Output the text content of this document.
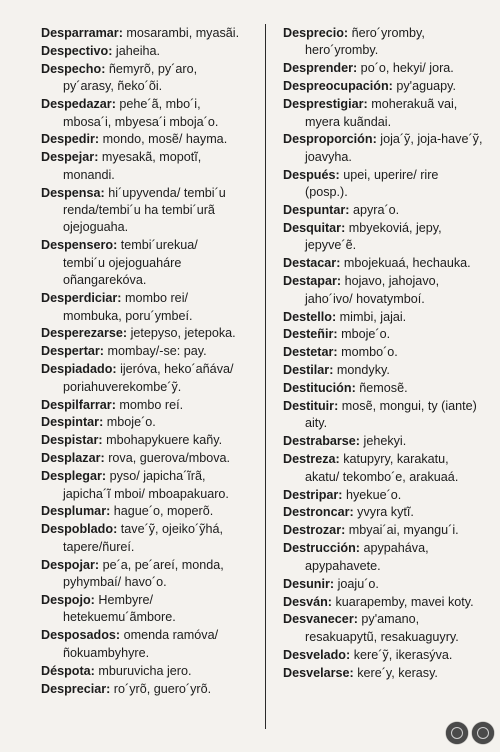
Desparramar: mosarambi, myasãi.
Despectivo: jaheiha.
Despecho: ñemyrõ, py´aro,
py´arasy, ñeko´õi.
Despedazar: pehe´ã, mbo´i,
mbosa´i, mbyesa´i mboja´o.
Despedir: mondo, mosẽ/ hayma.
Despejar: myesakã, mopotĩ,
monandi.
Despensa: hi´upyvenda/ tembi´u
renda/tembi´u ha tembi´urã
ojejoguaha.
Despensero: tembi´urekua/
tembi´u ojejoguaháre
oñangarekóva.
Desperdiciar: mombo rei/
mombuka, poru´ymbeí.
Desperezarse: jetepyso, jetepoka.
Despertar: mombay/-se: pay.
Despiadado: ijeróva, heko´añáva/
poriahuverekombe´ỹ.
Despilfarrar: mombo reí.
Despintar: mboje´o.
Despistar: mbohapykuere kañy.
Desplazar: rova, guerova/mbova.
Desplegar: pyso/ japicha´ĩrã,
japicha´ĩ mboi/ mboapakuaro.
Desplumar: hague´o, moperõ.
Despoblado: tave´ỹ, ojeiko´ỹhá,
tapere/ñureí.
Despojar: pe´a, pe´areí, monda,
pyhymbaí/ havo´o.
Despojo: Hembyre/
hetekuemu´ãmbore.
Desposados: omenda ramóva/
ñokuambyhyre.
Déspota: mburuvicha jero.
Despreciar: ro´yrõ, guero´yrõ.
Desprecio: ñero´yromby,
hero´yromby.
Desprender: po´o, hekyi/ jora.
Despreocupación: py'aguapy.
Desprestigiar: moherakuã vai,
myera kuãndai.
Desproporción: joja´ỹ, joja-have´ỹ,
joavyha.
Después: upei, uperire/ rire
(posp.).
Despuntar: apyra´o.
Desquitar: mbyekoviá, jepy,
jepyve´ẽ.
Destacar: mbojekuaá, hechauka.
Destapar: hojavo, jahojavo,
jaho´ivo/ hovatymboí.
Destello: mimbi, jajai.
Desteñir: mboje´o.
Destetar: mombo´o.
Destilar: mondyky.
Destitución: ñemosẽ.
Destituir: mosẽ, mongui, ty (iante)
aity.
Destrabarse: jehekyi.
Destreza: katupyry, karakatu,
akatu/ tekombo´e, arakuaá.
Destripar: hyekue´o.
Destroncar: yvyra kytĩ.
Destrozar: mbyai´ai, myangu´i.
Destrucción: apypaháva,
apypahavete.
Desunir: joaju´o.
Desván: kuarapemby, mavei koty.
Desvanecer: py'amano,
resakuapytũ, resakuaguyry.
Desvelado: kere´ỹ, ikerasýva.
Desvelarse: kere´y, kerasy.
